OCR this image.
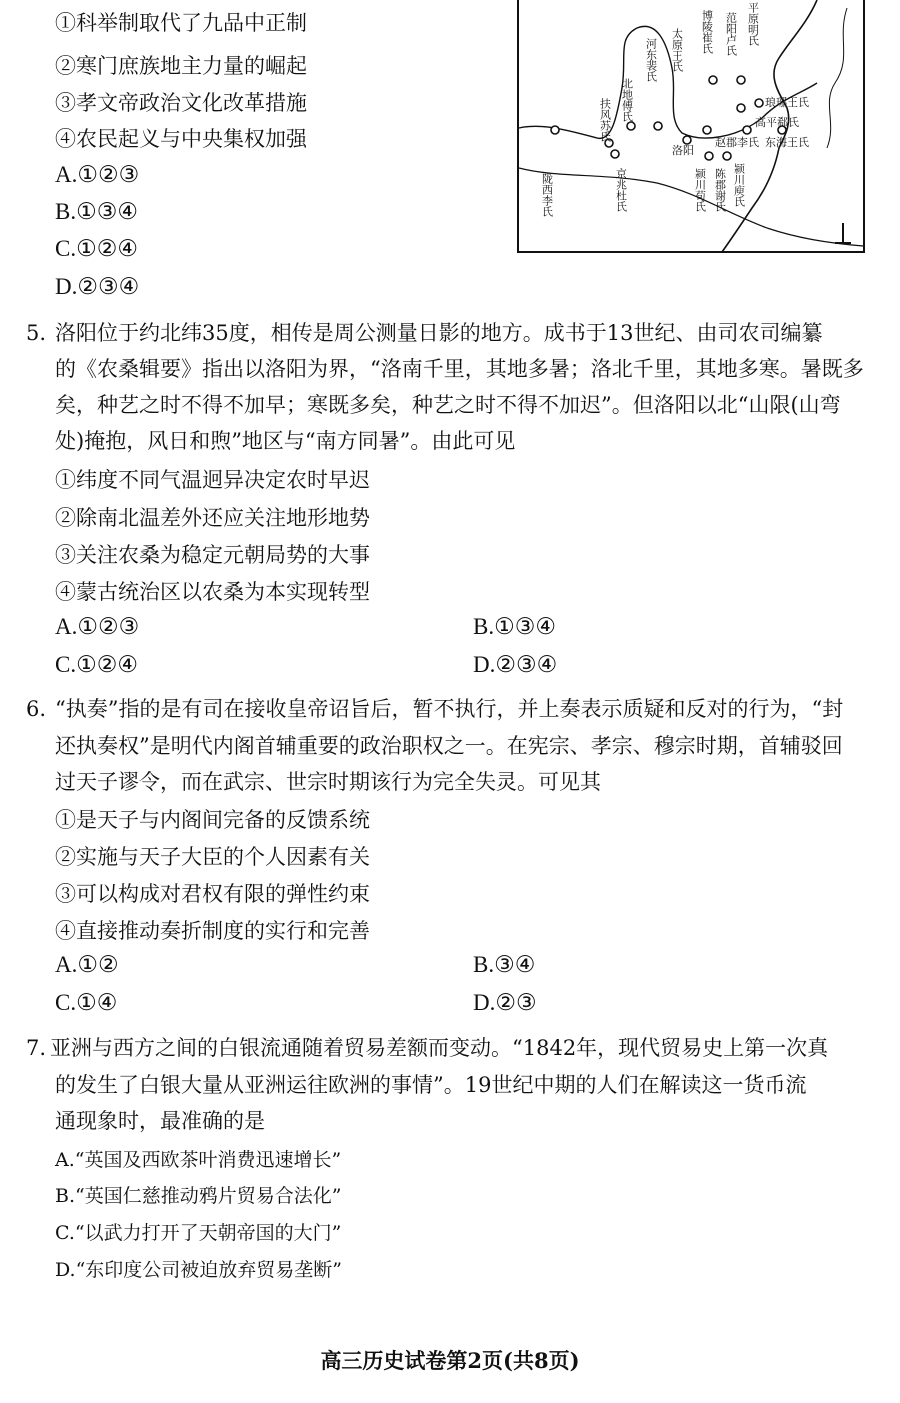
①科举制取代了九品中正制
②寒门庶族地主力量的崛起
③孝文帝政治文化改革措施
④农民起义与中央集权加强
A.①②③
B.①③④
C.①②④
D.②③④
陇西李氏	京兆杜氏
扶风苏氏 北地傅氏
河东裴氏 太原王氏
洛阳
颍川荀氏 陈郡谢氏 颍川庾氏
赵郡李氏
博陵崔氏 范阳卢氏 平原明氏
琅琊王氏
高平郗氏
东海王氏
5. 洛阳位于约北纬35度，相传是周公测量日影的地方。成书于13世纪、由司农司编纂
的《农桑辑要》指出以洛阳为界，“洛南千里，其地多暑；洛北千里，其地多寒。暑既多
矣，种艺之时不得不加早；寒既多矣，种艺之时不得不加迟”。但洛阳以北“山限(山弯
处)掩抱，风日和煦”地区与“南方同暑”。由此可见
①纬度不同气温迥异决定农时早迟
②除南北温差外还应关注地形地势
③关注农桑为稳定元朝局势的大事
④蒙古统治区以农桑为本实现转型
A.①②③	B.①③④
C.①②④	D.②③④
6. “执奏”指的是有司在接收皇帝诏旨后，暂不执行，并上奏表示质疑和反对的行为，“封
还执奏权”是明代内阁首辅重要的政治职权之一。在宪宗、孝宗、穆宗时期，首辅驳回
过天子谬令，而在武宗、世宗时期该行为完全失灵。可见其
①是天子与内阁间完备的反馈系统
②实施与天子大臣的个人因素有关
③可以构成对君权有限的弹性约束
④直接推动奏折制度的实行和完善
A.①②	B.③④
C.①④	D.②③
7. 亚洲与西方之间的白银流通随着贸易差额而变动。“1842年，现代贸易史上第一次真
的发生了白银大量从亚洲运往欧洲的事情”。19世纪中期的人们在解读这一货币流
通现象时，最准确的是
A.“英国及西欧茶叶消费迅速增长”
B.“英国仁慈推动鸦片贸易合法化”
C.“以武力打开了天朝帝国的大门”
D.“东印度公司被迫放弃贸易垄断”
高三历史试卷第2页(共8页)
